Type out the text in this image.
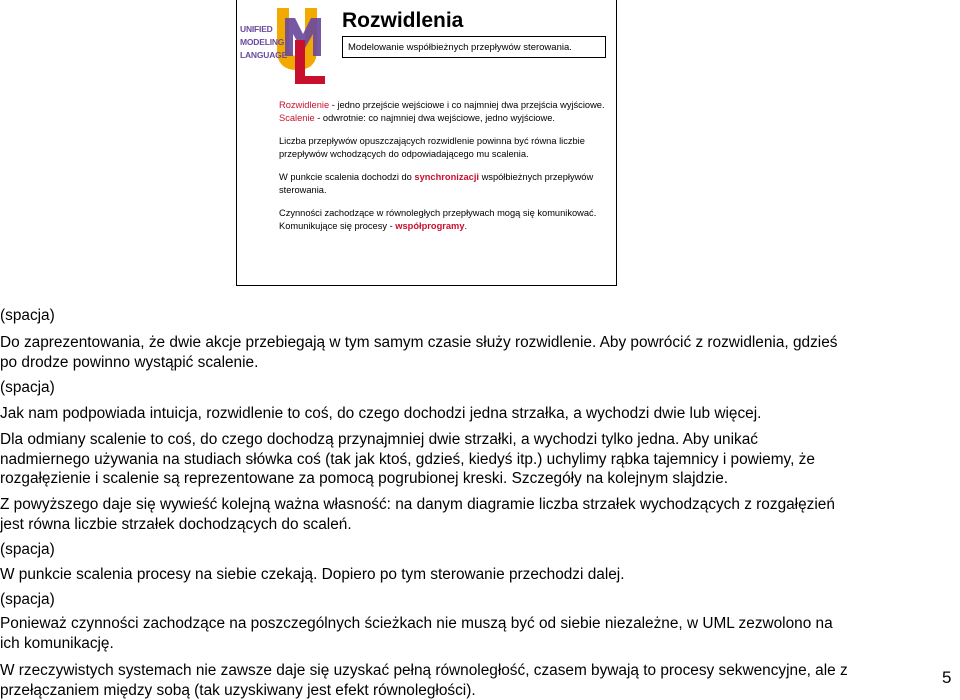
UNIFIED
MODELING
LANGUAGE
Rozwidlenia
Modelowanie współbieżnych przepływów sterowania.

Rozwidlenie - jedno przejście wejściowe i co najmniej dwa przejścia wyjściowe.
Scalenie - odwrotnie: co najmniej dwa wejściowe, jedno wyjściowe.

Liczba przepływów opuszczających rozwidlenie powinna być równa liczbie przepływów wchodzących do odpowiadającego mu scalenia.

W punkcie scalenia dochodzi do synchronizacji współbieżnych przepływów sterowania.

Czynności zachodzące w równoległych przepływach mogą się komunikować.
Komunikujące się procesy - współprogramy.

(spacja)

Do zaprezentowania, że dwie akcje przebiegają w tym samym czasie służy rozwidlenie. Aby powrócić z rozwidlenia, gdzieś po drodze powinno wystąpić scalenie.

(spacja)

Jak nam podpowiada intuicja, rozwidlenie to coś, do czego dochodzi jedna strzałka, a wychodzi dwie lub więcej.

Dla odmiany scalenie to coś, do czego dochodzą przynajmniej dwie strzałki, a wychodzi tylko jedna. Aby unikać nadmiernego używania na studiach słówka coś (tak jak ktoś, gdzieś, kiedyś itp.) uchylimy rąbka tajemnicy i powiemy, że rozgałęzienie i scalenie są reprezentowane za pomocą pogrubionej kreski. Szczegóły na kolejnym slajdzie.

Z powyższego daje się wywieść kolejną ważna własność: na danym diagramie liczba strzałek wychodzących z rozgałęzień jest równa liczbie strzałek dochodzących do scaleń.

(spacja)

W punkcie scalenia procesy na siebie czekają. Dopiero po tym sterowanie przechodzi dalej.

(spacja)

Ponieważ czynności zachodzące na poszczególnych ścieżkach nie muszą być od siebie niezależne, w UML zezwolono na ich komunikację.

W rzeczywistych systemach nie zawsze daje się uzyskać pełną równoległość, czasem bywają to procesy sekwencyjne, ale z przełączaniem między sobą (tak uzyskiwany jest efekt równoległości).

5
